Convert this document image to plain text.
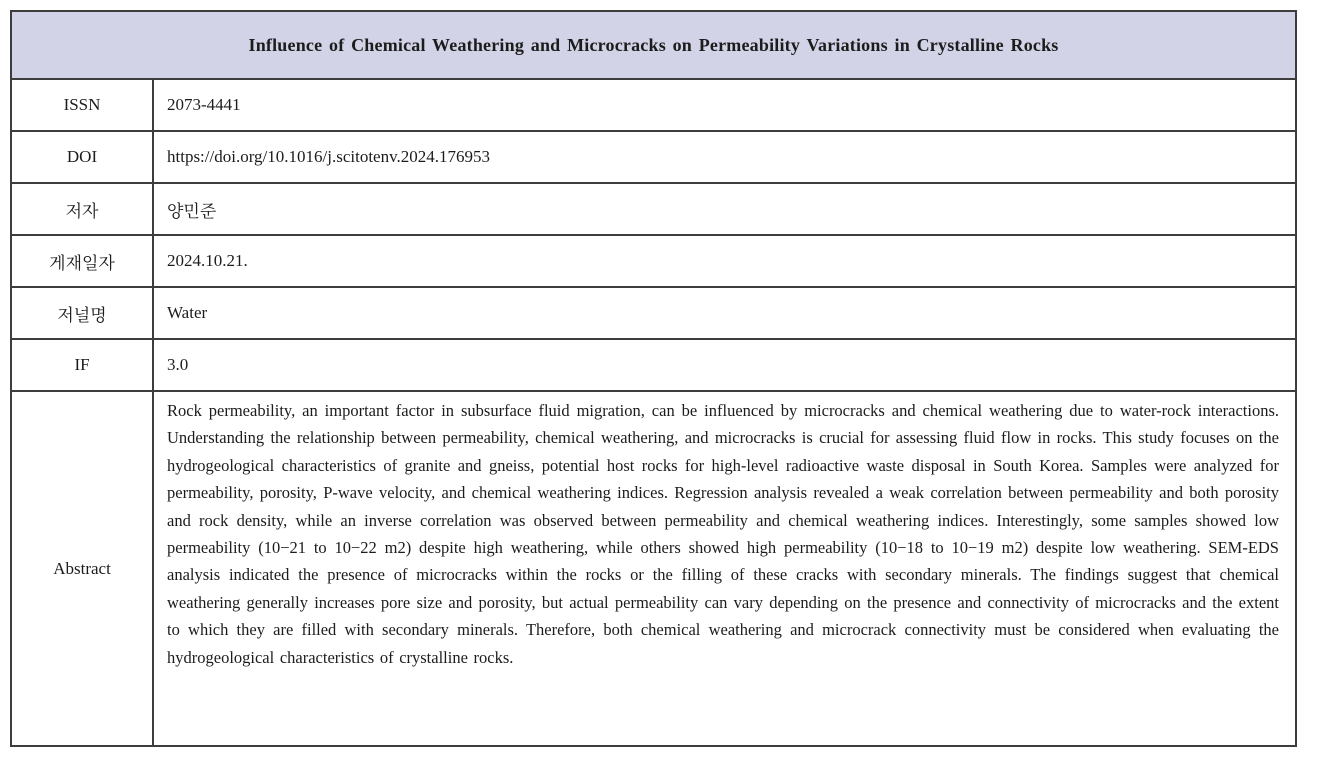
Influence of Chemical Weathering and Microcracks on Permeability Variations in Crystalline Rocks	
ISSN	2073-4441
DOI	https://doi.org/10.1016/j.scitotenv.2024.176953
저자	양민준
게재일자	2024.10.21.
저널명	Water
IF	3.0
Abstract	Rock permeability, an important factor in subsurface fluid migration, can be influenced by microcracks and chemical weathering due to water-rock interactions. Understanding the relationship between permeability, chemical weathering, and microcracks is crucial for assessing fluid flow in rocks. This study focuses on the hydrogeological characteristics of granite and gneiss, potential host rocks for high-level radioactive waste disposal in South Korea. Samples were analyzed for permeability, porosity, P-wave velocity, and chemical weathering indices. Regression analysis revealed a weak correlation between permeability and both porosity and rock density, while an inverse correlation was observed between permeability and chemical weathering indices. Interestingly, some samples showed low permeability (10−21 to 10−22 m2) despite high weathering, while others showed high permeability (10−18 to 10−19 m2) despite low weathering. SEM-EDS analysis indicated the presence of microcracks within the rocks or the filling of these cracks with secondary minerals. The findings suggest that chemical weathering generally increases pore size and porosity, but actual permeability can vary depending on the presence and connectivity of microcracks and the extent to which they are filled with secondary minerals. Therefore, both chemical weathering and microcrack connectivity must be considered when evaluating the hydrogeological characteristics of crystalline rocks.
